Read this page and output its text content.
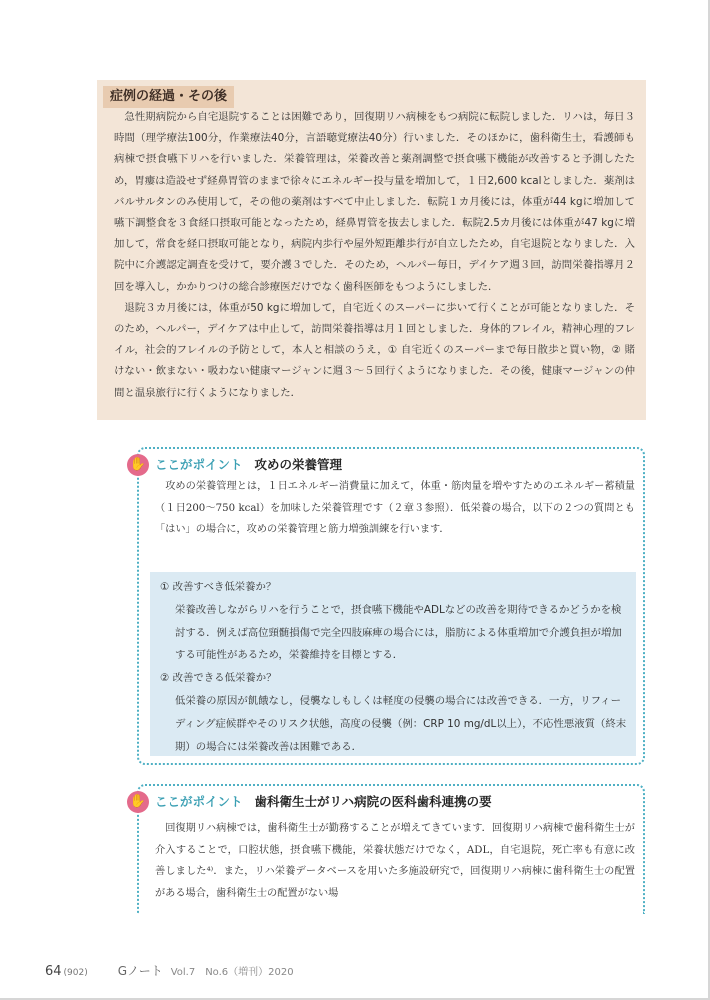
症例の経過・その後

急性期病院から自宅退院することは困難であり，回復期リハ病棟をもつ病院に転院しました．リハは，毎日３時間（理学療法100分，作業療法40分，言語聴覚療法40分）行いました．そのほかに，歯科衛生士，看護師も病棟で摂食嚥下リハを行いました．栄養管理は，栄養改善と薬剤調整で摂食嚥下機能が改善すると予測したため，胃瘻は造設せず経鼻胃管のままで徐々にエネルギー投与量を増加して，１日2,600 kcalとしました．薬剤はバルサルタンのみ使用して，その他の薬剤はすべて中止しました．転院１カ月後には，体重が44 kgに増加して嚥下調整食を３食経口摂取可能となったため，経鼻胃管を抜去しました．転院2.5カ月後には体重が47 kgに増加して，常食を経口摂取可能となり，病院内歩行や屋外短距離歩行が自立したため，自宅退院となりました．入院中に介護認定調査を受けて，要介護３でした．そのため，ヘルパー毎日，デイケア週３回，訪問栄養指導月２回を導入し，かかりつけの総合診療医だけでなく歯科医師をもつようにしました．

退院３カ月後には，体重が50 kgに増加して，自宅近くのスーパーに歩いて行くことが可能となりました．そのため，ヘルパー，デイケアは中止して，訪問栄養指導は月１回としました．身体的フレイル，精神心理的フレイル，社会的フレイルの予防として，本人と相談のうえ，① 自宅近くのスーパーまで毎日散歩と買い物，② 賭けない・飲まない・吸わない健康マージャンに週３～５回行くようになりました．その後，健康マージャンの仲間と温泉旅行に行くようになりました．

✋ ここがポイント 攻めの栄養管理

攻めの栄養管理とは，１日エネルギー消費量に加えて，体重・筋肉量を増やすためのエネルギー蓄積量（１日200～750 kcal）を加味した栄養管理です（２章３参照）．低栄養の場合，以下の２つの質問とも「はい」の場合に，攻めの栄養管理と筋力増強訓練を行います．

① 改善すべき低栄養か？

栄養改善しながらリハを行うことで，摂食嚥下機能やADLなどの改善を期待できるかどうかを検討する．例えば高位頸髄損傷で完全四肢麻痺の場合には，脂肪による体重増加で介護負担が増加する可能性があるため，栄養維持を目標とする．

② 改善できる低栄養か？

低栄養の原因が飢餓なし，侵襲なしもしくは軽度の侵襲の場合には改善できる．一方，リフィーディング症候群やそのリスク状態，高度の侵襲（例：CRP 10 mg/dL以上），不応性悪液質（終末期）の場合には栄養改善は困難である．

✋ ここがポイント 歯科衛生士がリハ病院の医科歯科連携の要

回復期リハ病棟では，歯科衛生士が勤務することが増えてきています．回復期リハ病棟で歯科衛生士が介入することで，口腔状態，摂食嚥下機能，栄養状態だけでなく，ADL，自宅退院，死亡率も有意に改善しました⁴⁾．また，リハ栄養データベースを用いた多施設研究で，回復期リハ病棟に歯科衛生士の配置がある場合，歯科衛生士の配置がない場

64 (902)	Gノート Vol.7　No.6（増刊）2020
